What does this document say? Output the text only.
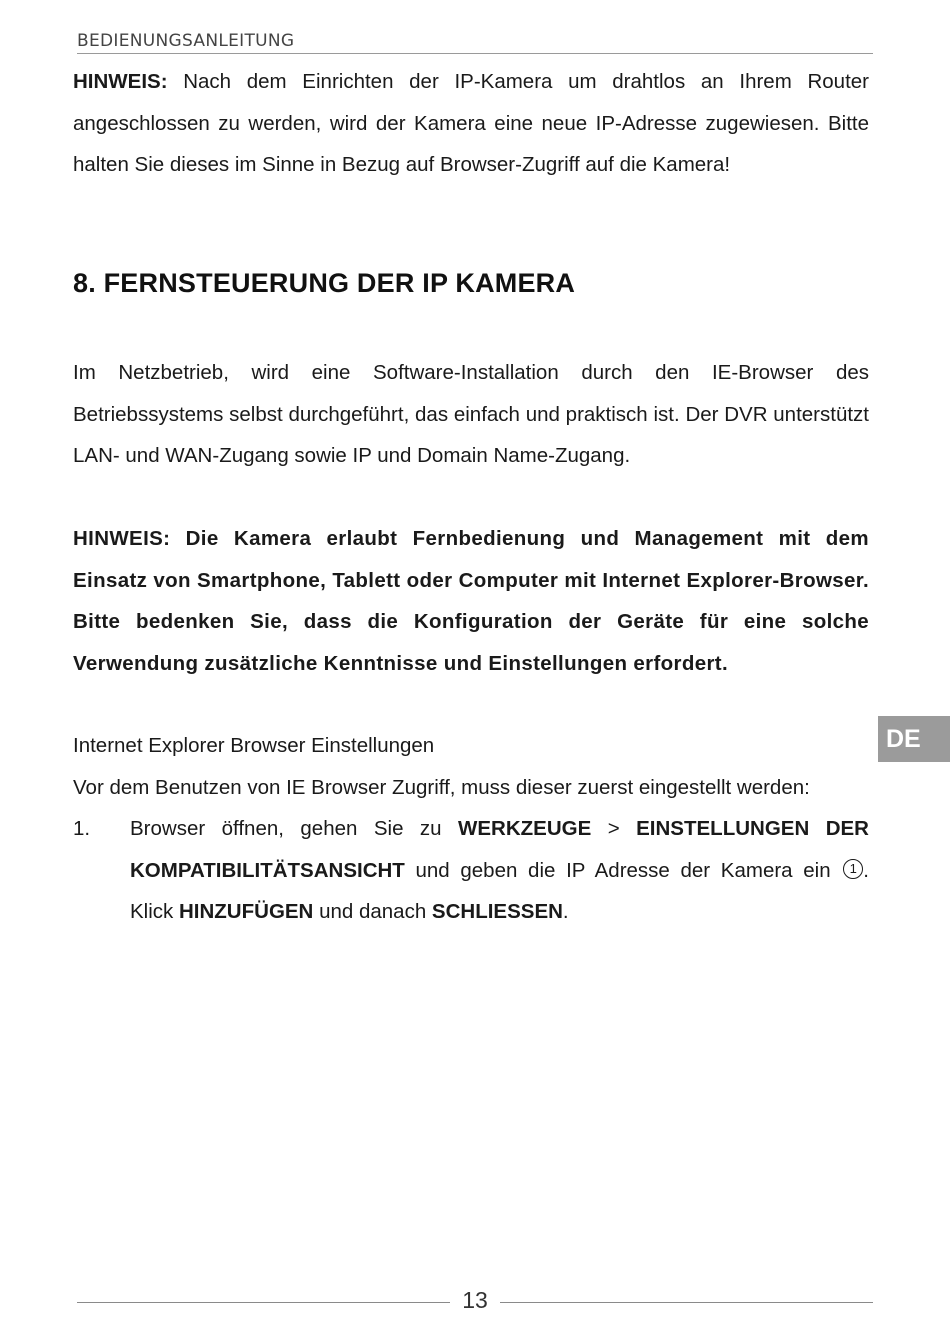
BEDIENUNGSANLEITUNG
HINWEIS: Nach dem Einrichten der IP-Kamera um drahtlos an Ihrem Router angeschlossen zu werden, wird der Kamera eine neue IP-Adresse zugewiesen. Bitte halten Sie dieses im Sinne in Bezug auf Browser-Zugriff auf die Kamera!
8. FERNSTEUERUNG DER IP KAMERA
Im Netzbetrieb, wird eine Software-Installation durch den IE-Browser des Betriebssystems selbst durchgeführt, das einfach und praktisch ist. Der DVR unterstützt LAN- und WAN-Zugang sowie IP und Domain Name-Zugang.
HINWEIS: Die Kamera erlaubt Fernbedienung und Management mit dem Einsatz von Smartphone, Tablett oder Computer mit Internet Explorer-Browser. Bitte bedenken Sie, dass die Konfiguration der Geräte für eine solche Verwendung zusätzliche Kenntnisse und Einstellungen erfordert.
Internet Explorer Browser Einstellungen
Vor dem Benutzen von IE Browser Zugriff, muss dieser zuerst eingestellt werden:
1. Browser öffnen, gehen Sie zu WERKZEUGE > EINSTELLUNGEN DER KOMPATIBILITÄTSANSICHT und geben die IP Adresse der Kamera ein 1 . Klick HINZUFÜGEN und danach SCHLIESSEN.
DE
13
